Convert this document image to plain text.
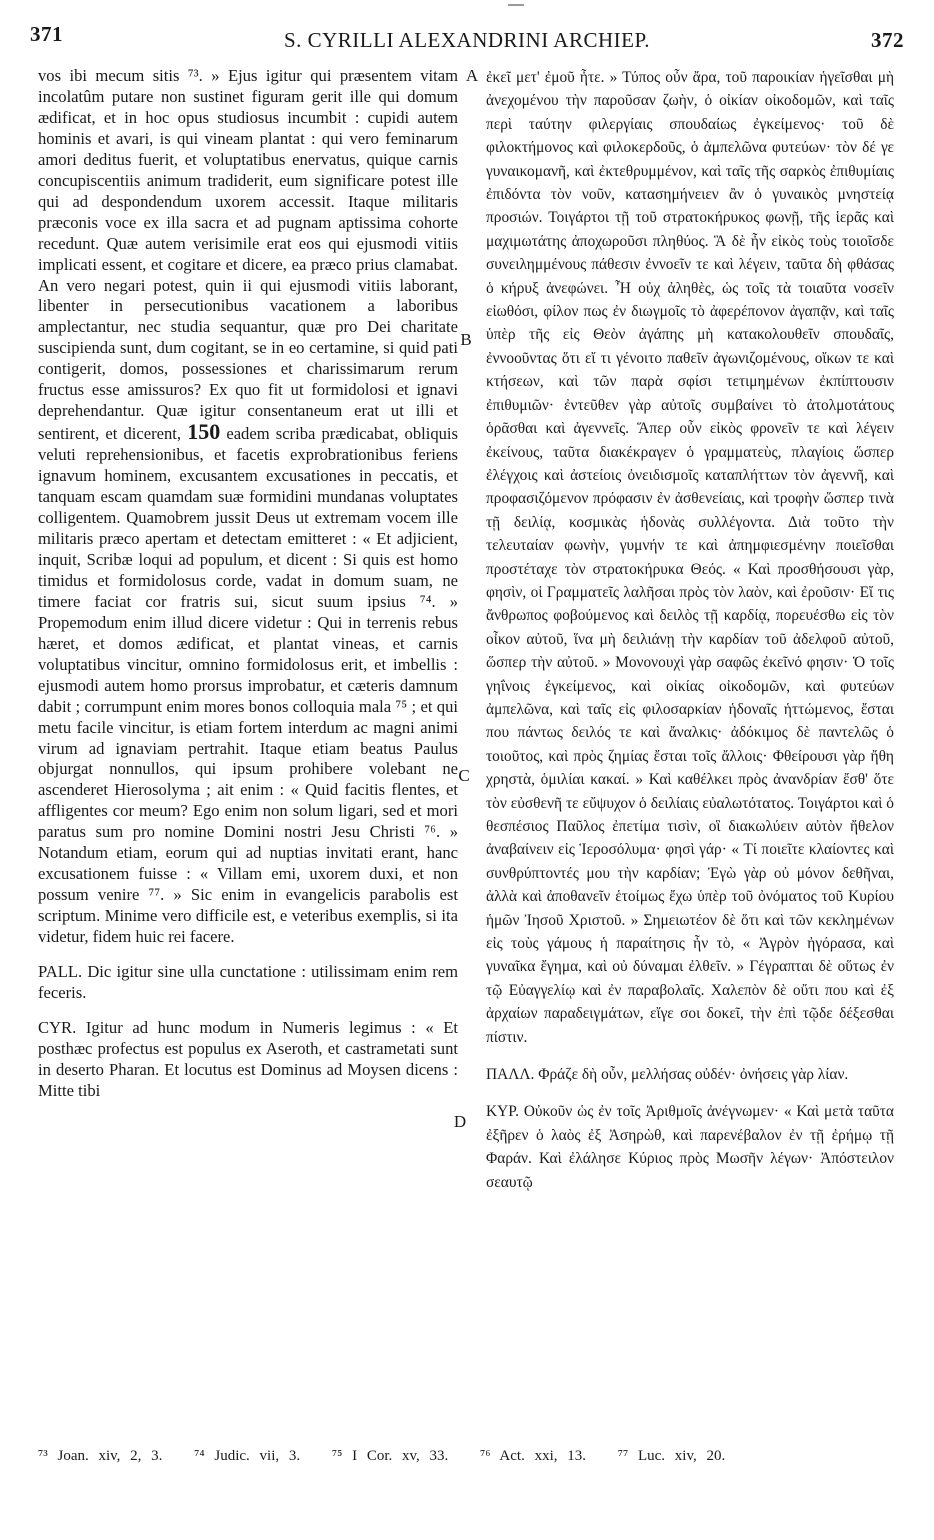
371	S. CYRILLI ALEXANDRINI ARCHIEP.	372

vos ibi mecum sitis ⁷³. » Ejus igitur qui præsentem vitam incolatûm putare non sustinet figuram gerit ille qui domum ædificat, et in hoc opus studiosus incumbit : cupidi autem hominis et avari, is qui vineam plantat : qui vero feminarum amori deditus fuerit, et voluptatibus enervatus, quique carnis concupiscentiis animum tradiderit, eum significare potest ille qui ad despondendum uxorem accessit. Itaque militaris præconis voce ex illa sacra et ad pugnam aptissima cohorte recedunt. Quæ autem verisimile erat eos qui ejusmodi vitiis implicati essent, et cogitare et dicere, ea præco prius clamabat. An vero negari potest, quin ii qui ejusmodi vitiis laborant, libenter in persecutionibus vacationem a laboribus amplectantur, nec studia sequantur, quæ pro Dei charitate suscipienda sunt, dum cogitant, se in eo certamine, si quid pati contigerit, domos, possessiones et charissimarum rerum fructus esse amissuros? Ex quo fit ut formidolosi et ignavi deprehendantur. Quæ igitur consentaneum erat ut illi et sentirent, et dicerent, 150 eadem scriba prædicabat, obliquis veluti reprehensionibus, et facetis exprobrationibus feriens ignavum hominem, excusantem excusationes in peccatis, et tanquam escam quamdam suæ formidini mundanas voluptates colligentem. Quamobrem jussit Deus ut extremam vocem ille militaris præco apertam et detectam emitteret : « Et adjicient, inquit, Scribæ loqui ad populum, et dicent : Si quis est homo timidus et formidolosus corde, vadat in domum suam, ne timere faciat cor fratris sui, sicut suum ipsius ⁷⁴. » Propemodum enim illud dicere videtur : Qui in terrenis rebus hæret, et domos ædificat, et plantat vineas, et carnis voluptatibus vincitur, omnino formidolosus erit, et imbellis : ejusmodi autem homo prorsus improbatur, et cæteris damnum dabit ; corrumpunt enim mores bonos colloquia mala ⁷⁵ ; et qui metu facile vincitur, is etiam fortem interdum ac magni animi virum ad ignaviam pertrahit. Itaque etiam beatus Paulus objurgat nonnullos, qui ipsum prohibere volebant ne ascenderet Hierosolyma ; ait enim : « Quid facitis flentes, et affligentes cor meum? Ego enim non solum ligari, sed et mori paratus sum pro nomine Domini nostri Jesu Christi ⁷⁶. » Notandum etiam, eorum qui ad nuptias invitati erant, hanc excusationem fuisse : « Villam emi, uxorem duxi, et non possum venire ⁷⁷. » Sic enim in evangelicis parabolis est scriptum. Minime vero difficile est, e veteribus exemplis, si ita videtur, fidem huic rei facere.

PALL. Dic igitur sine ulla cunctatione : utilissimam enim rem feceris.

CYR. Igitur ad hunc modum in Numeris legimus : « Et posthæc profectus est populus ex Aseroth, et castrametati sunt in deserto Pharan. Et locutus est Dominus ad Moysen dicens : Mitte tibi

A
B
C
D

ἐκεῖ μετ' ἐμοῦ ἦτε. » Τύπος οὖν ἄρα, τοῦ παροικίαν ἡγεῖσθαι μὴ ἀνεχομένου τὴν παροῦσαν ζωὴν, ὁ οἰκίαν οἰκοδομῶν, καὶ ταῖς περὶ ταύτην φιλεργίαις σπουδαίως ἐγκείμενος· τοῦ δὲ φιλοκτήμονος καὶ φιλοκερδοῦς, ὁ ἀμπελῶνα φυτεύων· τὸν δέ γε γυναικομανῆ, καὶ ἐκτεθρυμμένον, καὶ ταῖς τῆς σαρκὸς ἐπιθυμίαις ἐπιδόντα τὸν νοῦν, κατασημήνειεν ἂν ὁ γυναικὸς μνηστείᾳ προσιών. Τοιγάρτοι τῇ τοῦ στρατοκήρυκος φωνῇ, τῆς ἱερᾶς καὶ μαχιμωτάτης ἀποχωροῦσι πληθύος. Ἃ δὲ ἦν εἰκὸς τοὺς τοιοῖσδε συνειλημμένους πάθεσιν ἐννοεῖν τε καὶ λέγειν, ταῦτα δὴ φθάσας ὁ κήρυξ ἀνεφώνει. Ἦ οὐχ ἀληθὲς, ὡς τοῖς τὰ τοιαῦτα νοσεῖν εἰωθόσι, φίλον πως ἐν διωγμοῖς τὸ ἀφερέπονον ἀγαπᾷν, καὶ ταῖς ὑπὲρ τῆς εἰς Θεὸν ἀγάπης μὴ κατακολουθεῖν σπουδαῖς, ἐννοοῦντας ὅτι εἴ τι γένοιτο παθεῖν ἀγωνιζομένους, οἴκων τε καὶ κτήσεων, καὶ τῶν παρὰ σφίσι τετιμημένων ἐκπίπτουσιν ἐπιθυμιῶν· ἐντεῦθεν γὰρ αὐτοῖς συμβαίνει τὸ ἀτολμοτάτους ὁρᾶσθαι καὶ ἀγεννεῖς. Ἅπερ οὖν εἰκὸς φρονεῖν τε καὶ λέγειν ἐκείνους, ταῦτα διακέκραγεν ὁ γραμματεὺς, πλαγίοις ὥσπερ ἐλέγχοις καὶ ἀστείοις ὀνειδισμοῖς καταπλήττων τὸν ἀγεννῆ, καὶ προφασιζόμενον πρόφασιν ἐν ἀσθενείαις, καὶ τροφὴν ὥσπερ τινὰ τῇ δειλίᾳ, κοσμικὰς ἡδονὰς συλλέγοντα. Διὰ τοῦτο τὴν τελευταίαν φωνὴν, γυμνήν τε καὶ ἀπημφιεσμένην ποιεῖσθαι προστέταχε τὸν στρατοκήρυκα Θεός. « Καὶ προσθήσουσι γὰρ, φησὶν, οἱ Γραμματεῖς λαλῆσαι πρὸς τὸν λαὸν, καὶ ἐροῦσιν· Εἴ τις ἄνθρωπος φοβούμενος καὶ δειλὸς τῇ καρδίᾳ, πορευέσθω εἰς τὸν οἶκον αὐτοῦ, ἵνα μὴ δειλιάνῃ τὴν καρδίαν τοῦ ἀδελφοῦ αὐτοῦ, ὥσπερ τὴν αὐτοῦ. » Μονονουχὶ γὰρ σαφῶς ἐκεῖνό φησιν· Ὁ τοῖς γηΐνοις ἐγκείμενος, καὶ οἰκίας οἰκοδομῶν, καὶ φυτεύων ἀμπελῶνα, καὶ ταῖς εἰς φιλοσαρκίαν ἡδοναῖς ἡττώμενος, ἔσται που πάντως δειλός τε καὶ ἄναλκις· ἀδόκιμος δὲ παντελῶς ὁ τοιοῦτος, καὶ πρὸς ζημίας ἔσται τοῖς ἄλλοις· Φθείρουσι γὰρ ἤθη χρηστὰ, ὁμιλίαι κακαί. » Καὶ καθέλκει πρὸς ἀνανδρίαν ἔσθ' ὅτε τὸν εὐσθενῆ τε εὔψυχον ὁ δειλίαις εὐαλωτότατος. Τοιγάρτοι καὶ ὁ θεσπέσιος Παῦλος ἐπετίμα τισὶν, οἳ διακωλύειν αὐτὸν ἤθελον ἀναβαίνειν εἰς Ἱεροσόλυμα· φησὶ γάρ· « Τί ποιεῖτε κλαίοντες καὶ συνθρύπτοντές μου τὴν καρδίαν; Ἐγὼ γὰρ οὐ μόνον δεθῆναι, ἀλλὰ καὶ ἀποθανεῖν ἑτοίμως ἔχω ὑπὲρ τοῦ ὀνόματος τοῦ Κυρίου ἡμῶν Ἰησοῦ Χριστοῦ. » Σημειωτέον δὲ ὅτι καὶ τῶν κεκλημένων εἰς τοὺς γάμους ἡ παραίτησις ἦν τὸ, « Ἀγρὸν ἠγόρασα, καὶ γυναῖκα ἔγημα, καὶ οὐ δύναμαι ἐλθεῖν. » Γέγραπται δὲ οὕτως ἐν τῷ Εὐαγγελίῳ καὶ ἐν παραβολαῖς. Χαλεπὸν δὲ οὔτι που καὶ ἐξ ἀρχαίων παραδειγμάτων, εἴγε σοι δοκεῖ, τὴν ἐπὶ τῷδε δέξεσθαι πίστιν.

ΠΑΛΛ. Φράζε δὴ οὖν, μελλήσας οὐδέν· ὀνήσεις γὰρ λίαν.

ΚΥΡ. Οὐκοῦν ὡς ἐν τοῖς Ἀριθμοῖς ἀνέγνωμεν· « Καὶ μετὰ ταῦτα ἐξῆρεν ὁ λαὸς ἐξ Ἀσηρὼθ, καὶ παρενέβαλον ἐν τῇ ἐρήμῳ τῇ Φαράν. Καὶ ἐλάλησε Κύριος πρὸς Μωσῆν λέγων· Ἀπόστειλον σεαυτῷ

⁷³ Joan. xiv, 2, 3. ⁷⁴ Judic. vii, 3. ⁷⁵ I Cor. xv, 33. ⁷⁶ Act. xxi, 13. ⁷⁷ Luc. xiv, 20.
